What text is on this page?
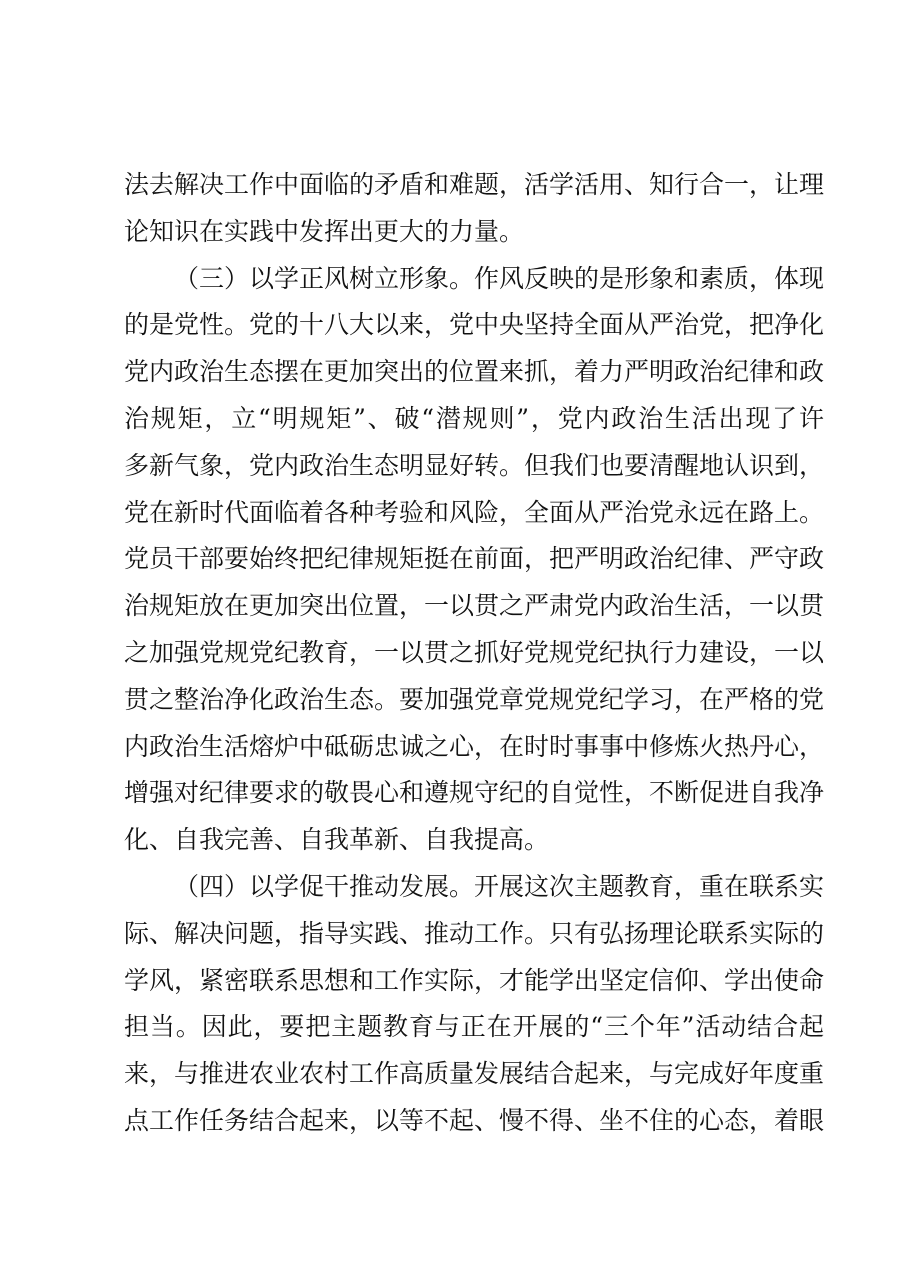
法去解决工作中面临的矛盾和难题，活学活用、知行合一，让理
论知识在实践中发挥出更大的力量。
（三）以学正风树立形象。作风反映的是形象和素质，体现
的是党性。党的十八大以来，党中央坚持全面从严治党，把净化
党内政治生态摆在更加突出的位置来抓，着力严明政治纪律和政
治规矩，立“明规矩”、破“潜规则”，党内政治生活出现了许
多新气象，党内政治生态明显好转。但我们也要清醒地认识到，
党在新时代面临着各种考验和风险，全面从严治党永远在路上。
党员干部要始终把纪律规矩挺在前面，把严明政治纪律、严守政
治规矩放在更加突出位置，一以贯之严肃党内政治生活，一以贯
之加强党规党纪教育，一以贯之抓好党规党纪执行力建设，一以
贯之整治净化政治生态。要加强党章党规党纪学习，在严格的党
内政治生活熔炉中砥砺忠诚之心，在时时事事中修炼火热丹心，
增强对纪律要求的敬畏心和遵规守纪的自觉性，不断促进自我净
化、自我完善、自我革新、自我提高。
（四）以学促干推动发展。开展这次主题教育，重在联系实
际、解决问题，指导实践、推动工作。只有弘扬理论联系实际的
学风，紧密联系思想和工作实际，才能学出坚定信仰、学出使命
担当。因此，要把主题教育与正在开展的“三个年”活动结合起
来，与推进农业农村工作高质量发展结合起来，与完成好年度重
点工作任务结合起来，以等不起、慢不得、坐不住的心态，着眼
